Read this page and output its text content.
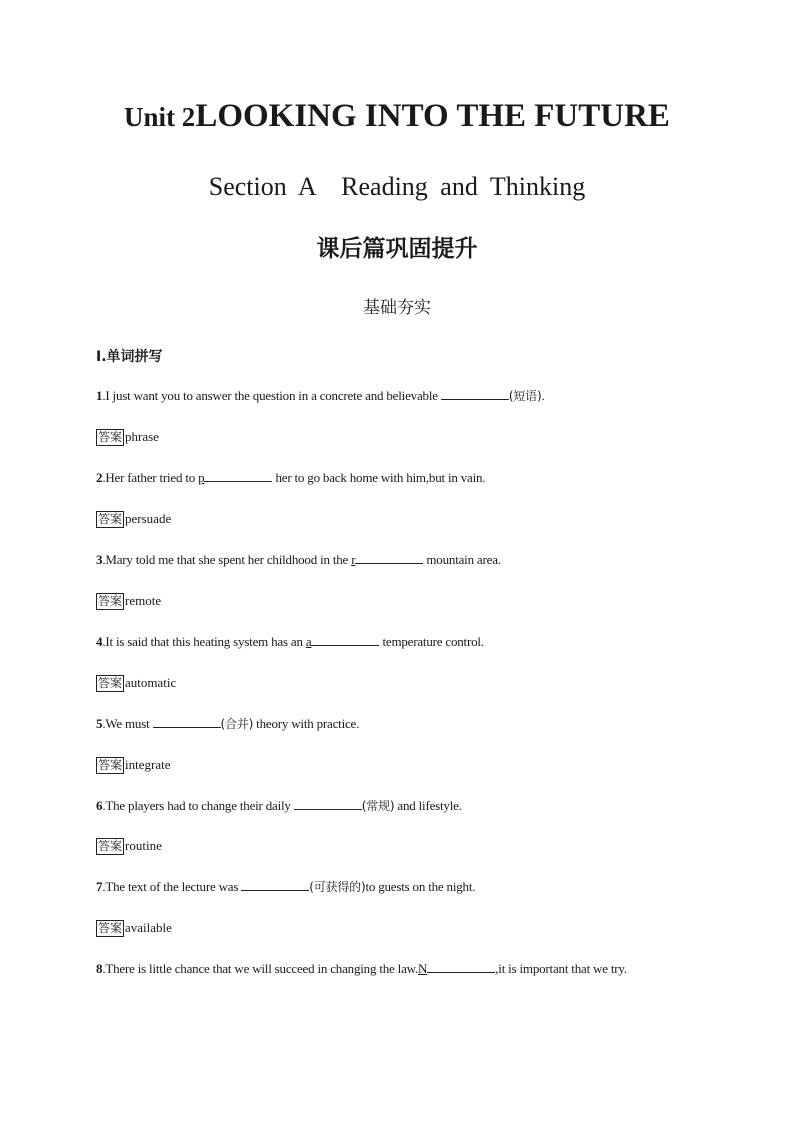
Unit 2LOOKING INTO THE FUTURE
Section A　Reading and Thinking
课后篇巩固提升
基础夯实
Ⅰ.单词拼写
1.I just want you to answer the question in a concrete and believable	(短语).
答案 phrase
2.Her father tried to p	her to go back home with him,but in vain.
答案 persuade
3.Mary told me that she spent her childhood in the r	mountain area.
答案 remote
4.It is said that this heating system has an a	temperature control.
答案 automatic
5.We must	(合并) theory with practice.
答案 integrate
6.The players had to change their daily	(常规) and lifestyle.
答案 routine
7.The text of the lecture was	(可获得的)to guests on the night.
答案 available
8.There is little chance that we will succeed in changing the law.N	,it is important that we try.
